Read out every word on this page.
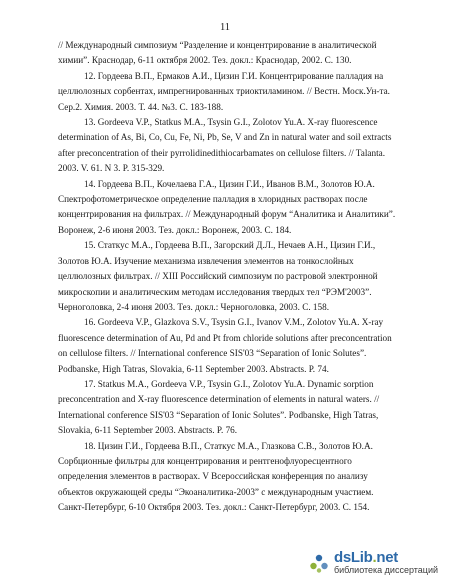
11
// Международный симпозиум “Разделение и концентрирование в аналитической
химии”. Краснодар, 6-11 октября 2002. Тез. докл.: Краснодар, 2002. С. 130.
12. Гордеева В.П., Ермаков А.И., Цизин Г.И. Концентрирование палладия на
целлюлозных сорбентах, импрегнированных триоктиламином. // Вестн. Моск.Ун-та.
Сер.2. Химия. 2003. Т. 44. №3. С. 183-188.
13. Gordeeva V.P., Statkus M.A., Tsysin G.I., Zolotov Yu.A. X-ray fluorescence
determination of As, Bi, Co, Cu, Fe, Ni, Pb, Se, V and Zn in natural water and soil extracts
after preconcentration of their pyrrolidinedithiocarbamates on cellulose filters. // Talanta.
2003. V. 61. N 3. P. 315-329.
14. Гордеева В.П., Кочелаева Г.А., Цизин Г.И., Иванов В.М., Золотов Ю.А.
Спектрофотометрическое определение палладия в хлоридных растворах после
концентрирования на фильтрах. // Международный форум “Аналитика и Аналитики”.
Воронеж, 2-6 июня 2003. Тез. докл.: Воронеж, 2003. С. 184.
15. Статкус М.А., Гордеева В.П., Загорский Д.Л., Нечаев А.Н., Цизин Г.И.,
Золотов Ю.А. Изучение механизма извлечения элементов на тонкослойных
целлюлозных фильтрах. // XIII Российский симпозиум по растровой электронной
микроскопии и аналитическим методам исследования твердых тел “РЭМ'2003”.
Черноголовка, 2-4 июня 2003. Тез. докл.: Черноголовка, 2003. С. 158.
16. Gordeeva V.P., Glazkova S.V., Tsysin G.I., Ivanov V.M., Zolotov Yu.A. X-ray
fluorescence determination of Au, Pd and Pt from chloride solutions after preconcentration
on cellulose filters. // International conference SIS'03 “Separation of Ionic Solutes”.
Podbanske, High Tatras, Slovakia, 6-11 September 2003. Abstracts. P. 74.
17. Statkus M.A., Gordeeva V.P., Tsysin G.I., Zolotov Yu.A. Dynamic sorption
preconcentration and X-ray fluorescence determination of elements in natural waters. //
International conference SIS'03 “Separation of Ionic Solutes”. Podbanske, High Tatras,
Slovakia, 6-11 September 2003. Abstracts. P. 76.
18. Цизин Г.И., Гордеева В.П., Статкус М.А., Глазкова С.В., Золотов Ю.А.
Сорбционные фильтры для концентрирования и рентгенофлуоресцентного
определения элементов в растворах. V Всероссийская конференция по анализу
объектов окружающей среды “Экоаналитика-2003” с международным участием.
Санкт-Петербург, 6-10 Октября 2003. Тез. докл.: Санкт-Петербург, 2003. С. 154.
dsLib.net
библиотека диссертаций
